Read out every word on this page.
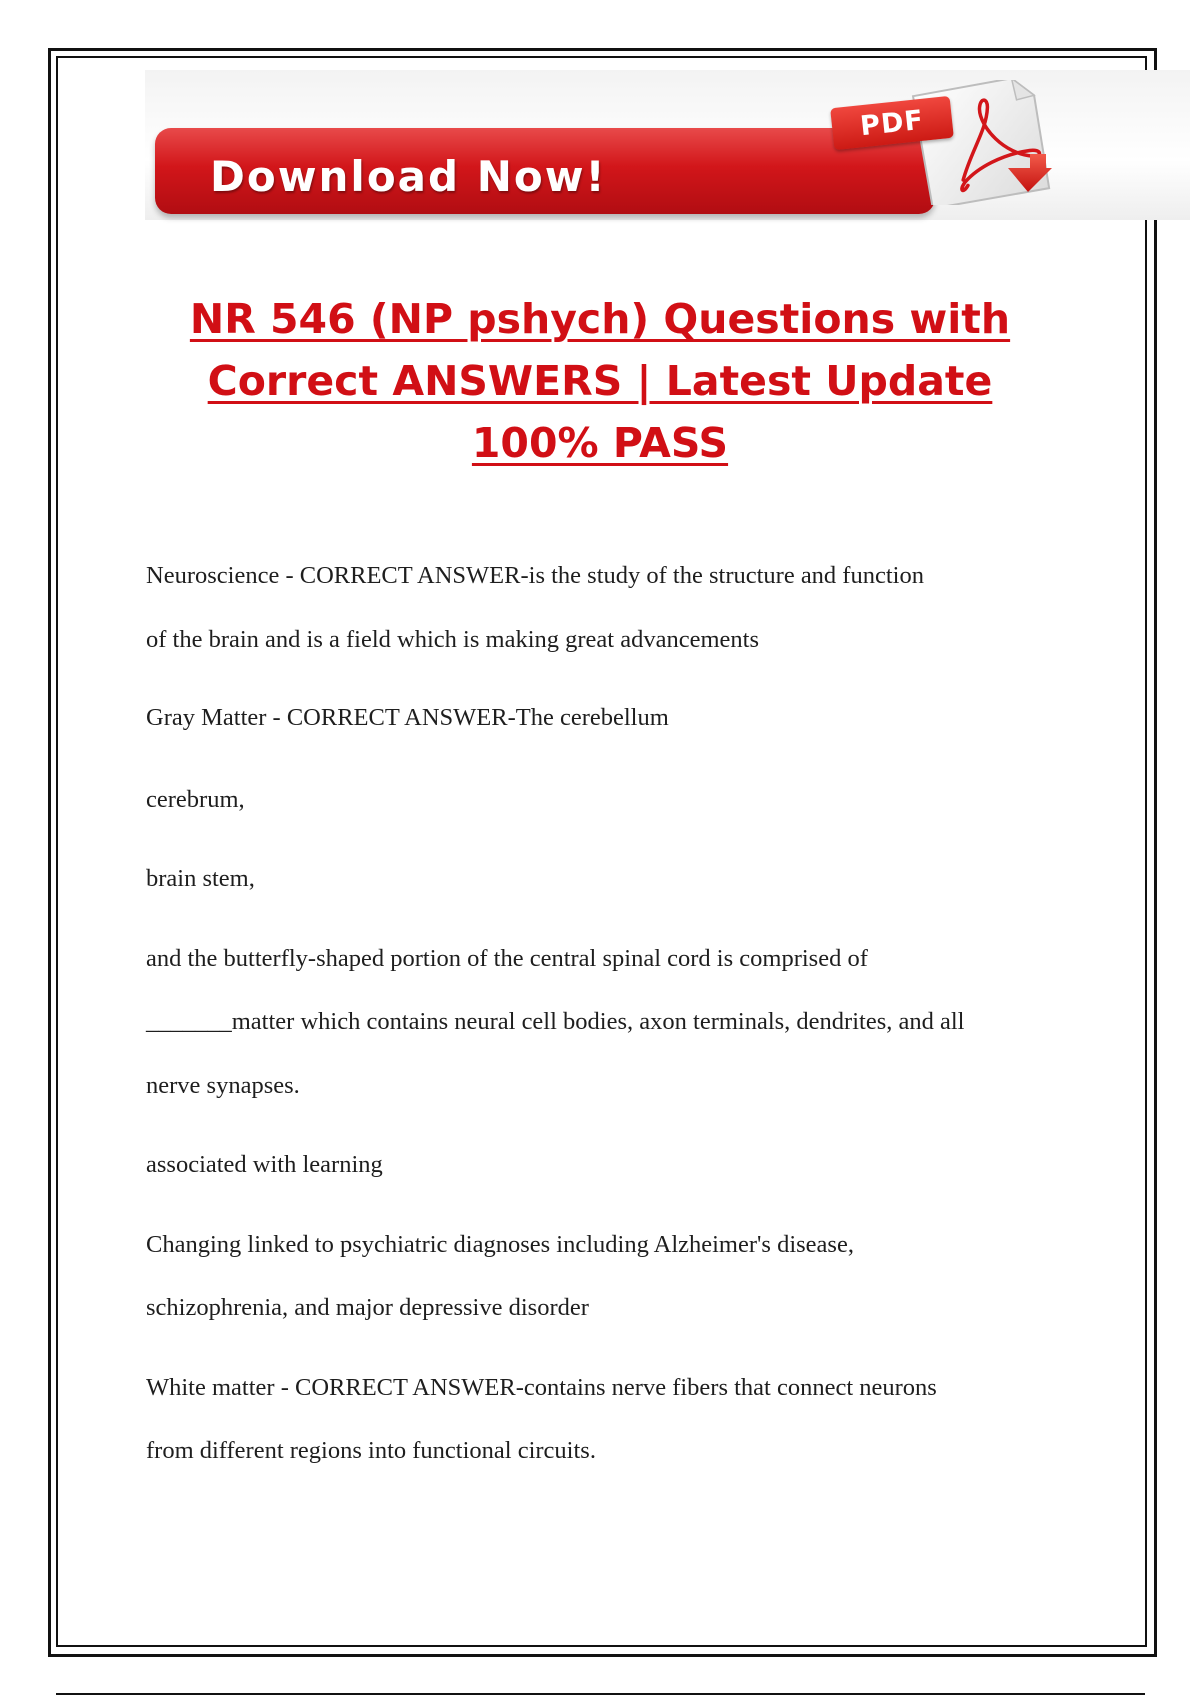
Download Now!
PDF
NR 546 (NP pshych) Questions with
Correct ANSWERS | Latest Update
100% PASS
Neuroscience - CORRECT ANSWER-is the study of the structure and function
of the brain and is a field which is making great advancements
Gray Matter - CORRECT ANSWER-The cerebellum
cerebrum,
brain stem,
and the butterfly-shaped portion of the central spinal cord is comprised of
_______matter which contains neural cell bodies, axon terminals, dendrites, and all
nerve synapses.
associated with learning
Changing linked to psychiatric diagnoses including Alzheimer's disease,
schizophrenia, and major depressive disorder
White matter - CORRECT ANSWER-contains nerve fibers that connect neurons
from different regions into functional circuits.
